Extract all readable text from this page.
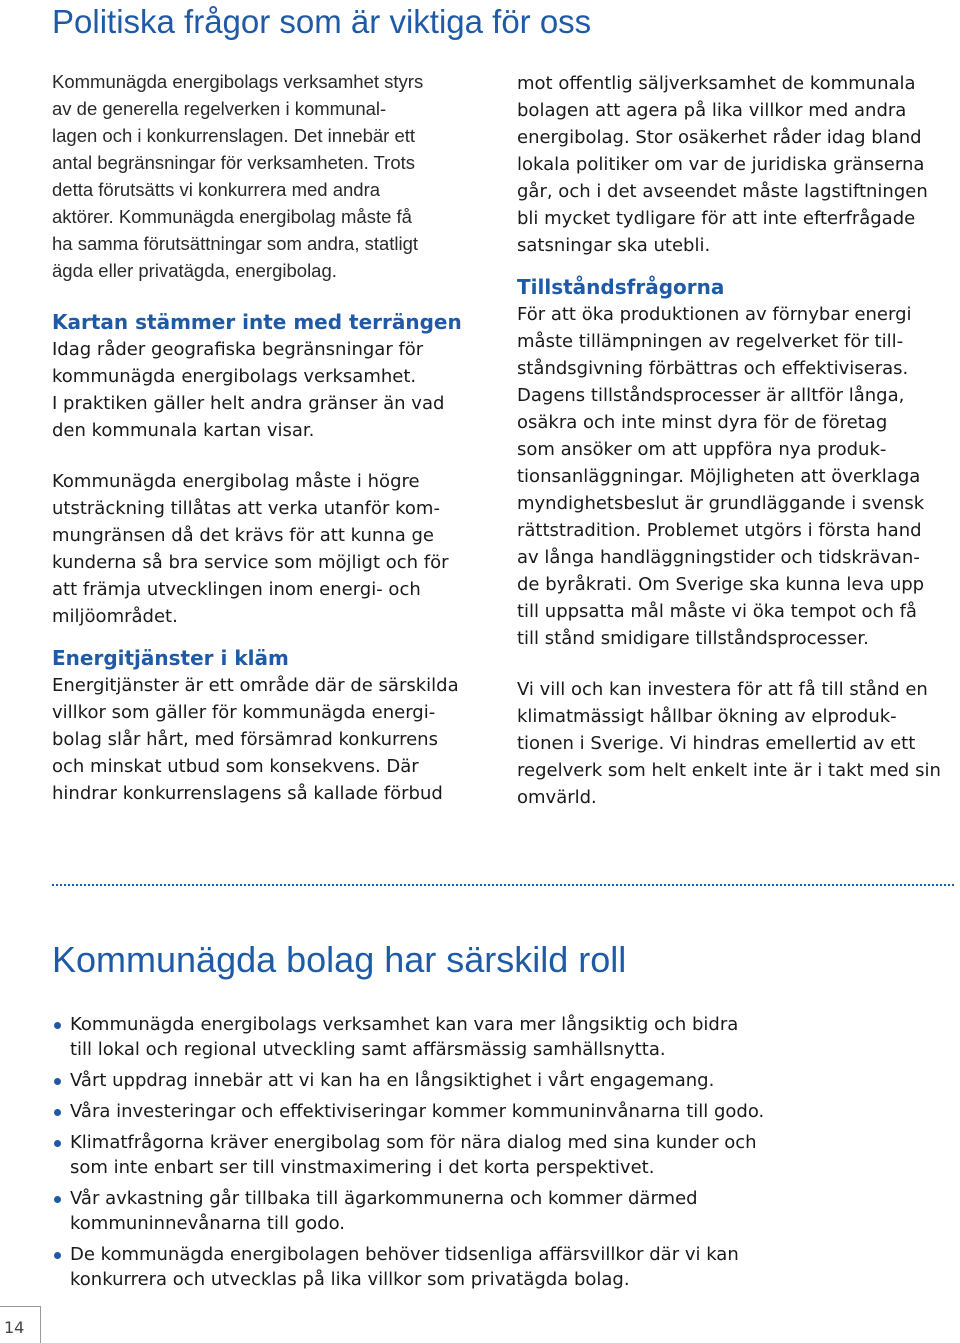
Politiska frågor som är viktiga för oss

Kommunägda energibolags verksamhet styrs
av de generella regelverken i kommunal-
lagen och i konkurrenslagen. Det innebär ett
antal begränsningar för verksamheten. Trots
detta förutsätts vi konkurrera med andra
aktörer. Kommunägda energibolag måste få
ha samma förutsättningar som andra, statligt
ägda eller privatägda, energibolag.

Kartan stämmer inte med terrängen

Idag råder geografiska begränsningar för
kommunägda energibolags verksamhet.
I praktiken gäller helt andra gränser än vad
den kommunala kartan visar.

Kommunägda energibolag måste i högre
utsträckning tillåtas att verka utanför kom-
mungränsen då det krävs för att kunna ge
kunderna så bra service som möjligt och för
att främja utvecklingen inom energi- och
miljöområdet.

Energitjänster i kläm

Energitjänster är ett område där de särskilda
villkor som gäller för kommunägda energi-
bolag slår hårt, med försämrad konkurrens
och minskat utbud som konsekvens. Där
hindrar konkurrenslagens så kallade förbud

mot offentlig säljverksamhet de kommunala
bolagen att agera på lika villkor med andra
energibolag. Stor osäkerhet råder idag bland
lokala politiker om var de juridiska gränserna
går, och i det avseendet måste lagstiftningen
bli mycket tydligare för att inte efterfrågade
satsningar ska utebli.

Tillståndsfrågorna

För att öka produktionen av förnybar energi
måste tillämpningen av regelverket för till-
ståndsgivning förbättras och effektiviseras.
Dagens tillståndsprocesser är alltför långa,
osäkra och inte minst dyra för de företag
som ansöker om att uppföra nya produk-
tionsanläggningar. Möjligheten att överklaga
myndighetsbeslut är grundläggande i svensk
rättstradition. Problemet utgörs i första hand
av långa handläggningstider och tidskrävan-
de byråkrati. Om Sverige ska kunna leva upp
till uppsatta mål måste vi öka tempot och få
till stånd smidigare tillståndsprocesser.

Vi vill och kan investera för att få till stånd en
klimatmässigt hållbar ökning av elproduk-
tionen i Sverige. Vi hindras emellertid av ett
regelverk som helt enkelt inte är i takt med sin
omvärld.

Kommunägda bolag har särskild roll
Kommunägda energibolags verksamhet kan vara mer långsiktig och bidra
till lokal och regional utveckling samt affärsmässig samhällsnytta.
Vårt uppdrag innebär att vi kan ha en långsiktighet i vårt engagemang.
Våra investeringar och effektiviseringar kommer kommuninvånarna till godo.
Klimatfrågorna kräver energibolag som för nära dialog med sina kunder och
som inte enbart ser till vinstmaximering i det korta perspektivet.
Vår avkastning går tillbaka till ägarkommunerna och kommer därmed
kommuninnevånarna till godo.
De kommunägda energibolagen behöver tidsenliga affärsvillkor där vi kan
konkurrera och utvecklas på lika villkor som privatägda bolag.
14
